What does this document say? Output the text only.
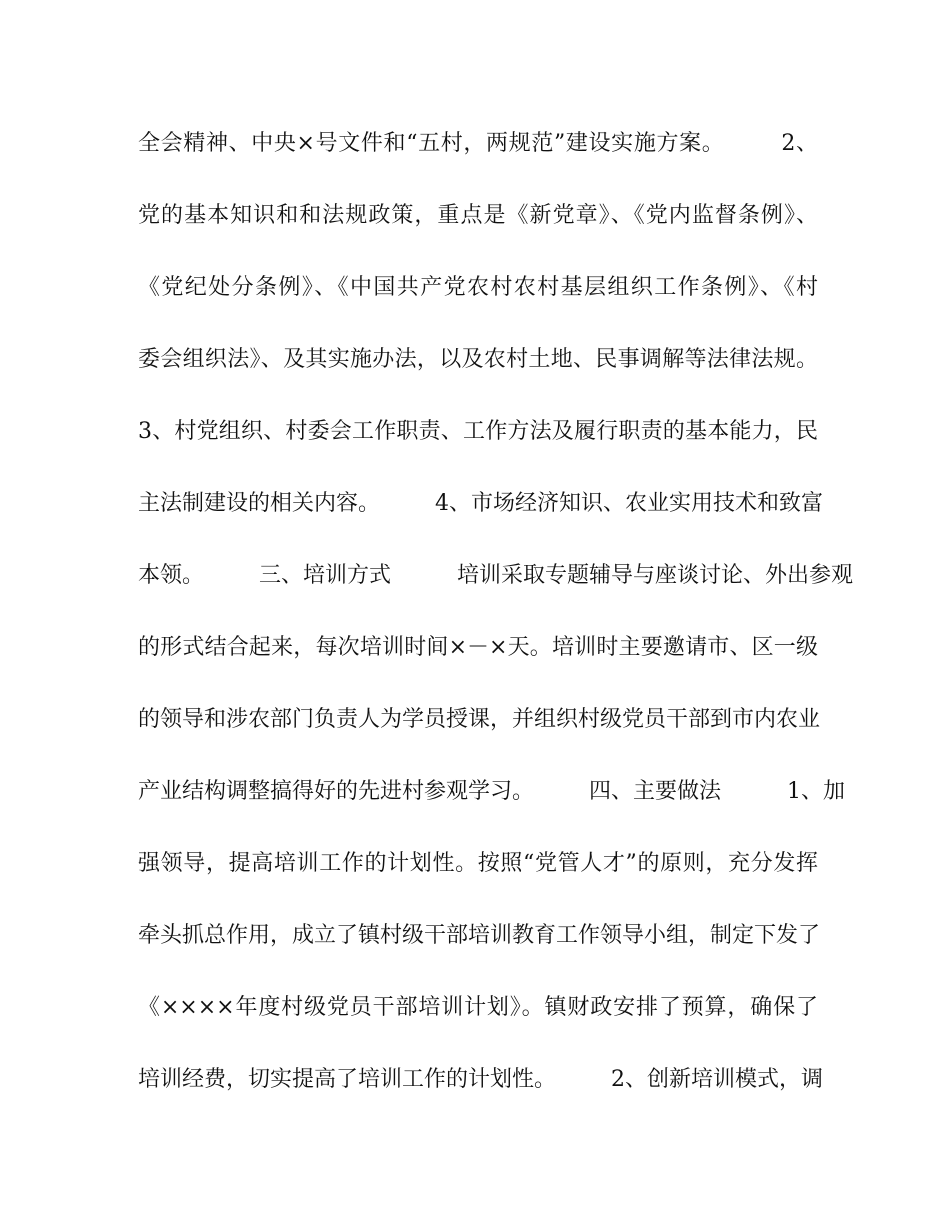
全会精神、中央×号文件和“五村，两规范”建设实施方案。　　　2、
党的基本知识和和法规政策，重点是《新党章》、《党内监督条例》、
《党纪处分条例》、《中国共产党农村农村基层组织工作条例》、《村
委会组织法》、及其实施办法，以及农村土地、民事调解等法律法规。
3、村党组织、村委会工作职责、工作方法及履行职责的基本能力，民
主法制建设的相关内容。　　　4、市场经济知识、农业实用技术和致富
本领。　　　三、培训方式　　　培训采取专题辅导与座谈讨论、外出参观
的形式结合起来，每次培训时间×－×天。培训时主要邀请市、区一级
的领导和涉农部门负责人为学员授课，并组织村级党员干部到市内农业
产业结构调整搞得好的先进村参观学习。　　　四、主要做法　　　1、加
强领导，提高培训工作的计划性。按照“党管人才”的原则，充分发挥
牵头抓总作用，成立了镇村级干部培训教育工作领导小组，制定下发了
《××××年度村级党员干部培训计划》。镇财政安排了预算，确保了
培训经费，切实提高了培训工作的计划性。　　　2、创新培训模式，调
